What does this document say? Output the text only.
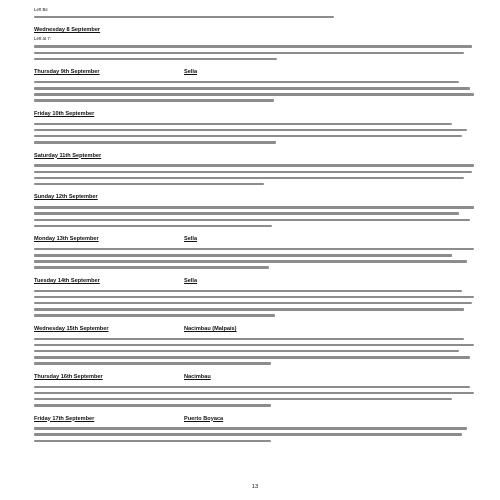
Left Bil
Wednesday 8 September
Left at 7:
Thursday 9th September	Sella
Friday 10th September
Saturday 11th September
Sunday 12th September
Monday 13th September	Sella
Tuesday 14th September	Sella
Wednesday 15th September	Nacimbau (Malpais)
Thursday 16th September	Nacimbau
Friday 17th September	Puerto Boyaca
13
